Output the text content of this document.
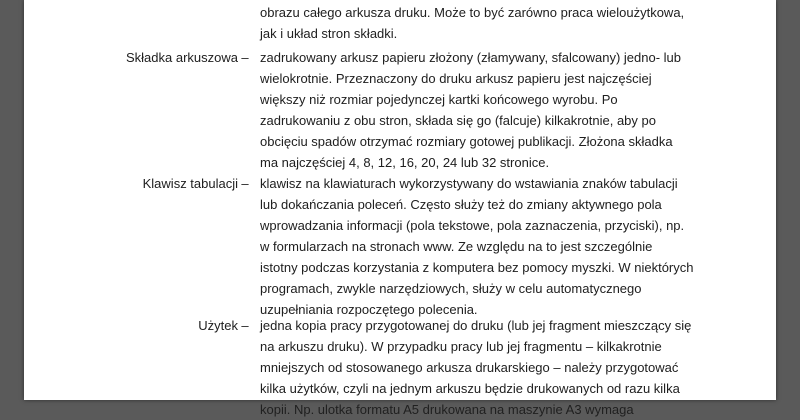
obrazu całego arkusza druku. Może to być zarówno praca wieloużytkowa,
jak i układ stron składki.
Składka arkuszowa – zadrukowany arkusz papieru złożony (złamywany, sfalcowany) jedno- lub
wielokrotnie. Przeznaczony do druku arkusz papieru jest najczęściej
większy niż rozmiar pojedynczej kartki końcowego wyrobu. Po
zadrukowaniu z obu stron, składa się go (falcuje) kilkakrotnie, aby po
obcięciu spadów otrzymać rozmiary gotowej publikacji. Złożona składka
ma najczęściej 4, 8, 12, 16, 20, 24 lub 32 stronice.
Klawisz tabulacji – klawisz na klawiaturach wykorzystywany do wstawiania znaków tabulacji
lub dokańczania poleceń. Często służy też do zmiany aktywnego pola
wprowadzania informacji (pola tekstowe, pola zaznaczenia, przyciski), np.
w formularzach na stronach www. Ze względu na to jest szczególnie
istotny podczas korzystania z komputera bez pomocy myszki. W niektórych
programach, zwykle narzędziowych, służy w celu automatycznego
uzupełniania rozpoczętego polecenia.
Użytek – jedna kopia pracy przygotowanej do druku (lub jej fragment mieszczący się
na arkuszu druku). W przypadku pracy lub jej fragmentu – kilkakrotnie
mniejszych od stosowanego arkusza drukarskiego – należy przygotować
kilka użytków, czyli na jednym arkuszu będzie drukowanych od razu kilka
kopii. Np. ulotka formatu A5 drukowana na maszynie A3 wymaga
